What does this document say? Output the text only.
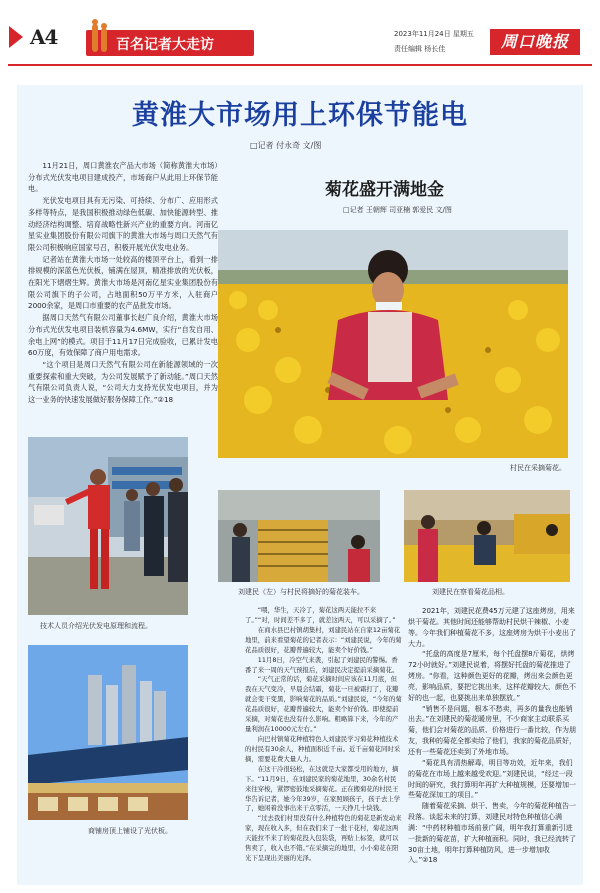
A4	百名记者大走访
2023年11月24日 星期五
责任编辑 杨长佳	周口晚报
黄淮大市场用上环保节能电
□记者 付永奇 文/图

11月21日，周口黄淮农产品大市场（简称黄淮大市场）分布式光伏发电项目建成投产，市场商户从此用上环保节能电。

光伏发电项目具有无污染、可持续、分布广、应用形式多样等特点，是我国积极推动绿色低碳、加快能源转型、推动经济结构调整、培育战略性新兴产业的重要方向。河南亿星实业集团股份有限公司旗下的黄淮大市场与周口天然气有限公司积极响应国家号召，积极开展光伏发电业务。

记者站在黄淮大市场一处较高的楼顶平台上，看到一排排规模的深蓝色光伏板，铺满在屋顶，精准排放的光伏板，在阳光下熠熠生辉。黄淮大市场是河南亿星实业集团股份有限公司旗下的子公司，占地面积50万平方米，入驻商户2000余家，是周口市重要的农产品批发市场。

据周口天然气有限公司董事长赵广良介绍，黄淮大市场分布式光伏发电项目装机容量为4.6MW，实行“自发自用、余电上网”的模式。项目于11月17日完成验收，已累计发电60万度，有效保障了商户用电需求。

“这个项目是周口天然气有限公司在新能源领域的一次重要探索和重大突破，为公司发展赋予了新动能。”周口天然气有限公司负责人说，“公司大力支持光伏发电项目，并为这一业务的快速发展做好服务保障工作。”②18

技术人员介绍光伏发电原理和流程。
商铺房顶上铺设了光伏板。
菊花盛开满地金
□记者 王朝辉 司亚楠 郭爱民 文/图
村民在采摘菊花。
刘建民（左）与村民将摘好的菊花装车。	刘建民在察看菊花品相。

“喂，华生，天冷了，菊花这两天能拉不来了。”“对，时间差不多了，就差这两天，可以采摘了。”

在商水县巴村镇胡集村，刘建民站在自家12亩菊花地里，前来看望菊花的记者表示：“刘建民说，今年的菊花品质很好，花瓣普遍较大，能卖个好价钱。”

11月8日，冷空气来袭，引起了刘建民的警惕。香番了来一周的天气预报后，刘建民决定提前采摘菊花。

“天气正常的话，菊花采摘时间应该在11月底，但我在天气变冷，早晨会结霜，菊花一旦被霜打了，花瓣就会变干变黑，影响菊花的品质。”刘建民说，“今年的菊花品质很好，花瓣普遍较大，能卖个好价钱。即使提前采摘，对菊花也没有什么影响。粗略算下来，今年的产量利润在10000元左右。”

向巴村镇菊花种植特色人刘建民学习菊花种植技术的村民有30余人，种植面积近千亩。近千亩菊花同时采摘，需要花费大量人力。

在这干冷很轻松，在这就是大家都受用的地方，摘下。“11月9日，在刘建民家的菊花地里，30余名村民来往穿梭，紧锣密鼓地采摘菊花。正在搬菊花的村民王华告诉记者，她今年39岁，在家照顾孩子，孩子去上学了，她闲着没事出来干点零活，一天挣几十块钱。

“过去我们村里没有什么种植特色的菊花是新发动来家，现在收入多，但在我们来了一批干花村，菊花这两天能拉不来了的菊花投入包装袋，再贴上标签，就可以售卖了，收入也不错。”在采摘完的地里，小小菊花在阳光下呈现出美丽的光泽。

2021年，刘建民花费45万元建了这座烤房，用来烘干菊花。其他时间还能够帮助村民烘干辣椒、小麦等。今年我们种植菊花不多，这座烤房为烘干小麦出了大力。

“托盘的高度是7厘米，每个托盘摆8斤菊花，烘烤72小时就好。”刘建民说着，将摆好托盘的菊花推进了烤房。“你看，这种颜色更好的花瓣，烤出来会颜色更亮，影响品质，要把它挑出来，这样花瓣较大，颜色不好的也一起，也要挑出来单独摆放。”

“销售不是问题，根本不愁卖，再多的量我也能销出去。”在刘建民的菊花暖房里，不少商家主动联系买菊，他们会对菊花的品质、价格进行一番比较，作为朋友，我种的菊花全都卖给了他们，我家的菊花品质好，还有一些菊花还卖到了外地市场。

“菊花具有清热解毒，明目等功效，近年来，我们的菊花在市场上越来越受欢迎。”刘建民说，“经过一段时间的研究，我打算明年再扩大种植规模，还要增加一些菊花深加工的项目。”

随着菊花采摘、烘干、售卖，今年的菊花种植告一段落。谈起未来的打算，刘建民对特色种植信心满满：“中药材种植市场前景广阔，明年我打算重新引进一批新的菊花苗，扩大种植面积。同时，我已经流转了30亩土地，明年打算种植防风，进一步增加收入。”②18
